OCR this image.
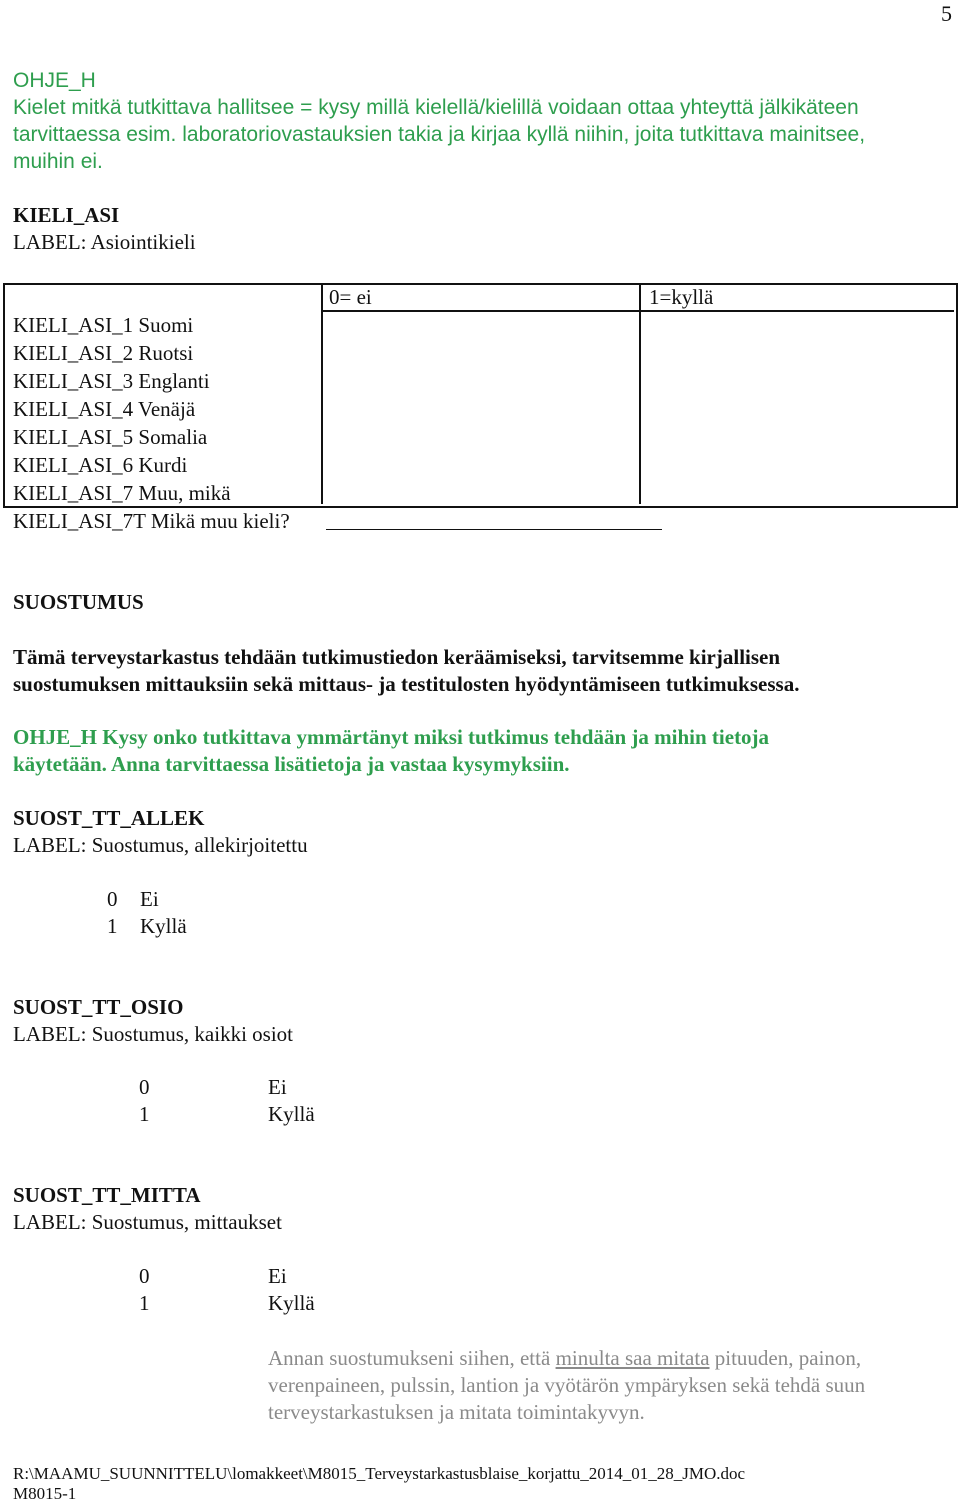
5
OHJE_H
Kielet mitkä tutkittava hallitsee = kysy millä kielellä/kielillä voidaan ottaa yhteyttä jälkikäteen
tarvittaessa esim. laboratoriovastauksien takia ja kirjaa kyllä niihin, joita tutkittava mainitsee,
muihin ei.
KIELI_ASI
LABEL: Asiointikieli
0= ei	1=kyllä
KIELI_ASI_1 Suomi
KIELI_ASI_2 Ruotsi
KIELI_ASI_3 Englanti
KIELI_ASI_4 Venäjä
KIELI_ASI_5 Somalia
KIELI_ASI_6 Kurdi
KIELI_ASI_7 Muu, mikä
KIELI_ASI_7T Mikä muu kieli?
SUOSTUMUS
Tämä terveystarkastus tehdään tutkimustiedon keräämiseksi, tarvitsemme kirjallisen
suostumuksen mittauksiin sekä mittaus- ja testitulosten hyödyntämiseen tutkimuksessa.
OHJE_H Kysy onko tutkittava ymmärtänyt miksi tutkimus tehdään ja mihin tietoja
käytetään. Anna tarvittaessa lisätietoja ja vastaa kysymyksiin.
SUOST_TT_ALLEK
LABEL: Suostumus, allekirjoitettu
0 Ei
1 Kyllä
SUOST_TT_OSIO
LABEL: Suostumus, kaikki osiot
0	Ei
1	Kyllä
SUOST_TT_MITTA
LABEL: Suostumus, mittaukset
0	Ei
1	Kyllä
Annan suostumukseni siihen, että minulta saa mitata pituuden, painon, verenpaineen, pulssin, lantion ja vyötärön ympäryksen sekä tehdä suun terveystarkastuksen ja mitata toimintakyvyn.
R:\MAAMU_SUUNNITTELU\lomakkeet\M8015_Terveystarkastusblaise_korjattu_2014_01_28_JMO.doc
M8015-1
